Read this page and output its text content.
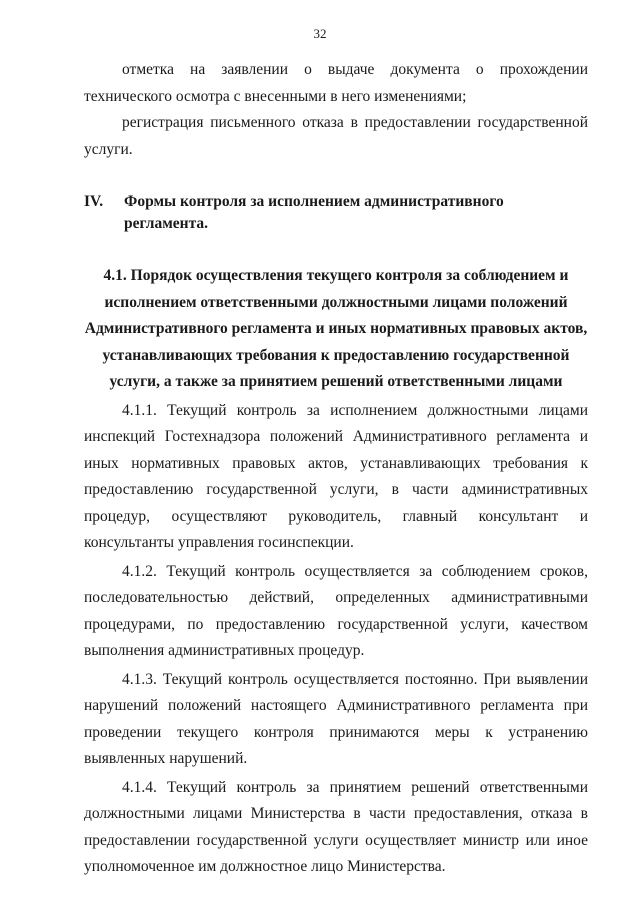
32

отметка на заявлении о выдаче документа о прохождении технического осмотра с внесенными в него изменениями;

регистрация письменного отказа в предоставлении государственной услуги.

IV. Формы контроля за исполнением административного регламента.
4.1. Порядок осуществления текущего контроля за соблюдением и исполнением ответственными должностными лицами положений Административного регламента и иных нормативных правовых актов, устанавливающих требования к предоставлению государственной услуги, а также за принятием решений ответственными лицами

4.1.1. Текущий контроль за исполнением должностными лицами инспекций Гостехнадзора положений Административного регламента и иных нормативных правовых актов, устанавливающих требования к предоставлению государственной услуги, в части административных процедур, осуществляют руководитель, главный консультант и консультанты управления госинспекции.

4.1.2. Текущий контроль осуществляется за соблюдением сроков, последовательностью действий, определенных административными процедурами, по предоставлению государственной услуги, качеством выполнения административных процедур.

4.1.3. Текущий контроль осуществляется постоянно. При выявлении нарушений положений настоящего Административного регламента при проведении текущего контроля принимаются меры к устранению выявленных нарушений.

4.1.4. Текущий контроль за принятием решений ответственными должностными лицами Министерства в части предоставления, отказа в предоставлении государственной услуги осуществляет министр или иное уполномоченное им должностное лицо Министерства.
